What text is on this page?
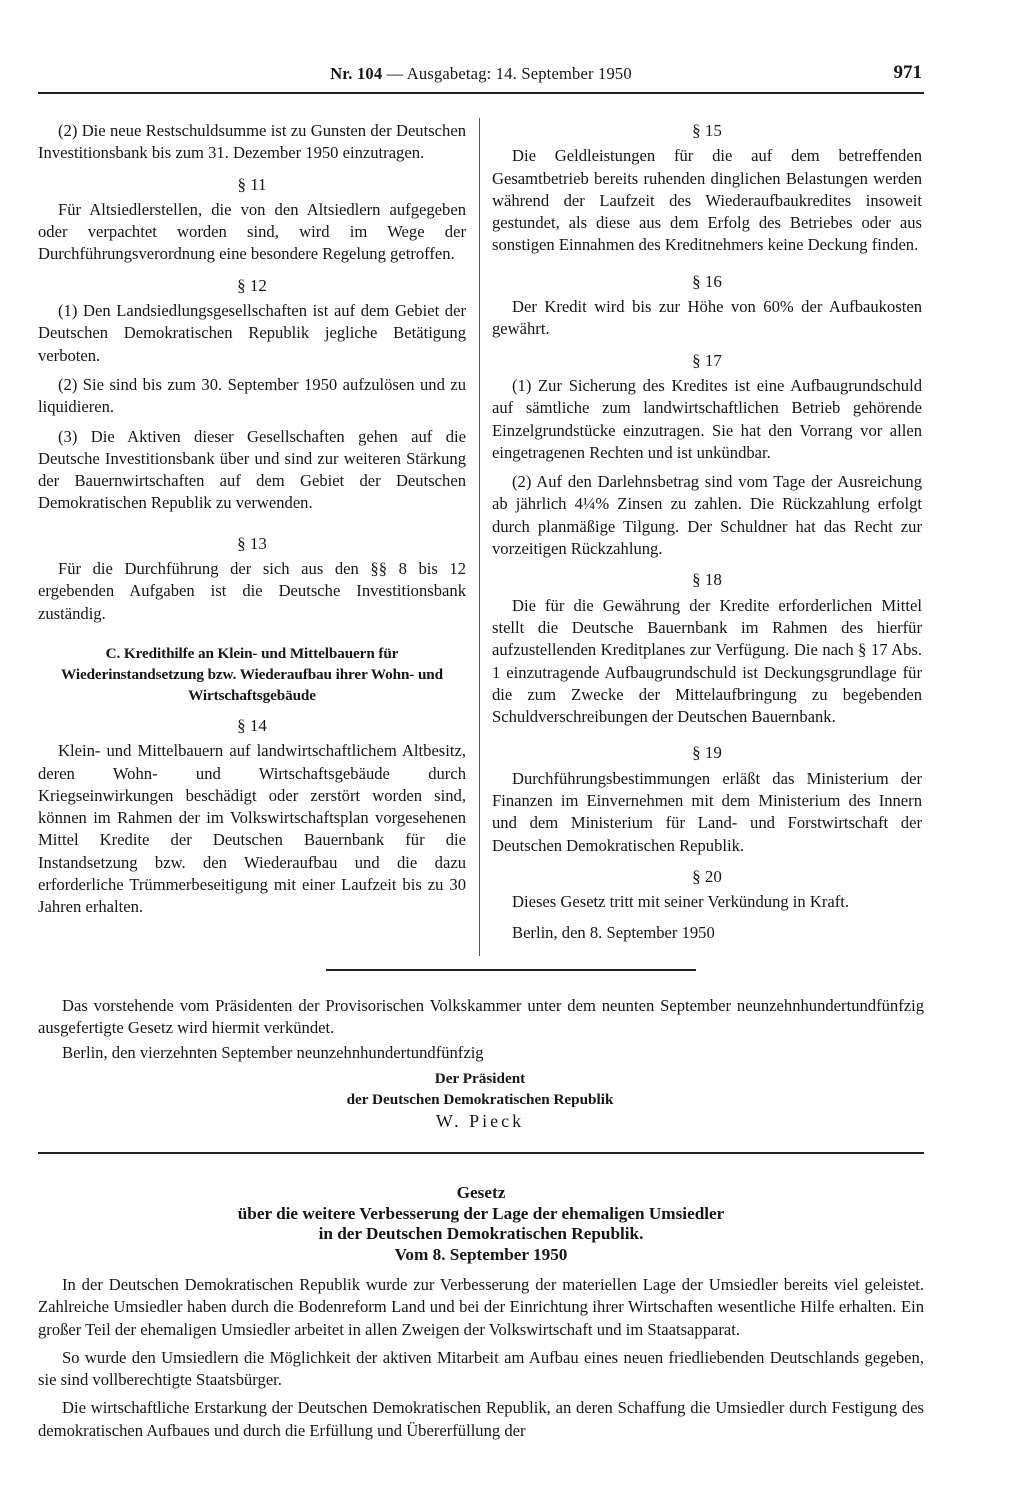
Nr. 104 — Ausgabetag: 14. September 1950	971

(2) Die neue Restschuldsumme ist zu Gunsten der Deutschen Investitionsbank bis zum 31. Dezember 1950 einzutragen.

§ 11

Für Altsiedlerstellen, die von den Altsiedlern aufgegeben oder verpachtet worden sind, wird im Wege der Durchführungsverordnung eine besondere Regelung getroffen.

§ 12

(1) Den Landsiedlungsgesellschaften ist auf dem Gebiet der Deutschen Demokratischen Republik jegliche Betätigung verboten.

(2) Sie sind bis zum 30. September 1950 aufzulösen und zu liquidieren.

(3) Die Aktiven dieser Gesellschaften gehen auf die Deutsche Investitionsbank über und sind zur weiteren Stärkung der Bauernwirtschaften auf dem Gebiet der Deutschen Demokratischen Republik zu verwenden.

§ 13

Für die Durchführung der sich aus den §§ 8 bis 12 ergebenden Aufgaben ist die Deutsche Investitionsbank zuständig.

C. Kredithilfe an Klein- und Mittelbauern für Wiederinstandsetzung bzw. Wiederaufbau ihrer Wohn- und Wirtschaftsgebäude
§ 14

Klein- und Mittelbauern auf landwirtschaftlichem Altbesitz, deren Wohn- und Wirtschaftsgebäude durch Kriegseinwirkungen beschädigt oder zerstört worden sind, können im Rahmen der im Volkswirtschaftsplan vorgesehenen Mittel Kredite der Deutschen Bauernbank für die Instandsetzung bzw. den Wiederaufbau und die dazu erforderliche Trümmerbeseitigung mit einer Laufzeit bis zu 30 Jahren erhalten.

§ 15

Die Geldleistungen für die auf dem betreffenden Gesamtbetrieb bereits ruhenden dinglichen Belastungen werden während der Laufzeit des Wiederaufbaukredites insoweit gestundet, als diese aus dem Erfolg des Betriebes oder aus sonstigen Einnahmen des Kreditnehmers keine Deckung finden.

§ 16

Der Kredit wird bis zur Höhe von 60% der Aufbaukosten gewährt.

§ 17

(1) Zur Sicherung des Kredites ist eine Aufbaugrundschuld auf sämtliche zum landwirtschaftlichen Betrieb gehörende Einzelgrundstücke einzutragen. Sie hat den Vorrang vor allen eingetragenen Rechten und ist unkündbar.

(2) Auf den Darlehnsbetrag sind vom Tage der Ausreichung ab jährlich 4¼% Zinsen zu zahlen. Die Rückzahlung erfolgt durch planmäßige Tilgung. Der Schuldner hat das Recht zur vorzeitigen Rückzahlung.

§ 18

Die für die Gewährung der Kredite erforderlichen Mittel stellt die Deutsche Bauernbank im Rahmen des hierfür aufzustellenden Kreditplanes zur Verfügung. Die nach § 17 Abs. 1 einzutragende Aufbaugrundschuld ist Deckungsgrundlage für die zum Zwecke der Mittelaufbringung zu begebenden Schuldverschreibungen der Deutschen Bauernbank.

§ 19

Durchführungsbestimmungen erläßt das Ministerium der Finanzen im Einvernehmen mit dem Ministerium des Innern und dem Ministerium für Land- und Forstwirtschaft der Deutschen Demokratischen Republik.

§ 20

Dieses Gesetz tritt mit seiner Verkündung in Kraft.

Berlin, den 8. September 1950

Das vorstehende vom Präsidenten der Provisorischen Volkskammer unter dem neunten September neunzehnhundertundfünfzig ausgefertigte Gesetz wird hiermit verkündet.

Berlin, den vierzehnten September neunzehnhundertundfünfzig

Der Präsident
der Deutschen Demokratischen Republik
W. Pieck
Gesetz
über die weitere Verbesserung der Lage der ehemaligen Umsiedler
in der Deutschen Demokratischen Republik.
Vom 8. September 1950

In der Deutschen Demokratischen Republik wurde zur Verbesserung der materiellen Lage der Umsiedler bereits viel geleistet. Zahlreiche Umsiedler haben durch die Bodenreform Land und bei der Einrichtung ihrer Wirtschaften wesentliche Hilfe erhalten. Ein großer Teil der ehemaligen Umsiedler arbeitet in allen Zweigen der Volkswirtschaft und im Staatsapparat.

So wurde den Umsiedlern die Möglichkeit der aktiven Mitarbeit am Aufbau eines neuen friedliebenden Deutschlands gegeben, sie sind vollberechtigte Staatsbürger.

Die wirtschaftliche Erstarkung der Deutschen Demokratischen Republik, an deren Schaffung die Umsiedler durch Festigung des demokratischen Aufbaues und durch die Erfüllung und Übererfüllung der
